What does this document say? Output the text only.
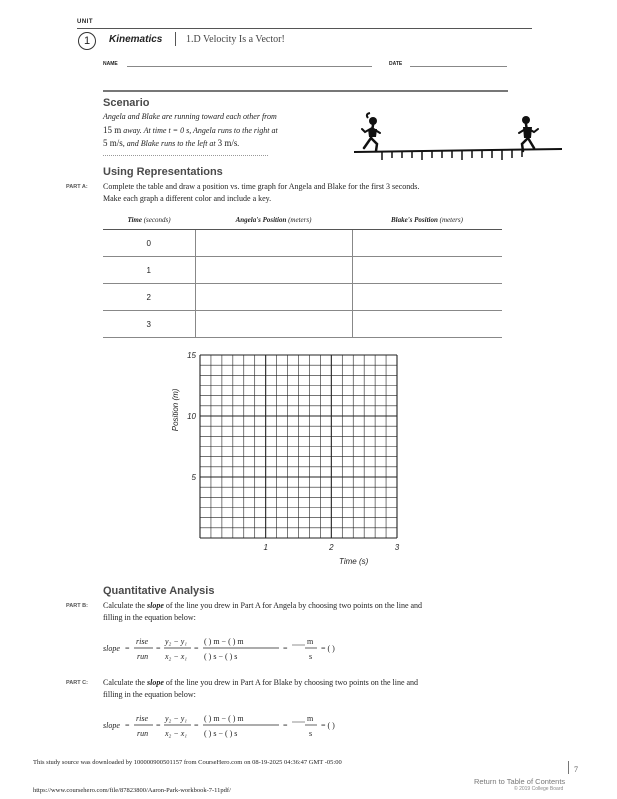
UNIT
1	Kinematics 1.D Velocity Is a Vector!
NAME	DATE
Scenario
Angela and Blake are running toward each other from
15 m away. At time t = 0 s, Angela runs to the right at
5 m/s, and Blake runs to the left at 3 m/s.
Using Representations
PART A: Complete the table and draw a position vs. time graph for Angela and Blake for the first 3 seconds.
Make each graph a different color and include a key.
Time (seconds)	Angela's Position (meters)	Blake's Position (meters)
0		
1		
2		
3		
1	2	3
5
10
15
Time (s)
Position (m)
Quantitative Analysis
PART B: Calculate the slope of the line you drew in Part A for Angela by choosing two points on the line and
filling in the equation below:
slope =
rise
run
=
y₂ − y₁
x₂ − x₁
=
( ) m − ( ) m
( ) s − ( ) s
=
m
s
= ( )
PART C: Calculate the slope of the line you drew in Part A for Blake by choosing two points on the line and
filling in the equation below:
slope =
rise
run
=
y₂ − y₁
x₂ − x₁
=
( ) m − ( ) m
( ) s − ( ) s
=
m
s
= ( )
This study source was downloaded by 100000900501157 from CourseHero.com on 08-19-2025 04:36:47 GMT -05:00
7
Return to Table of Contents
© 2019 College Board
https://www.coursehero.com/file/87823800/Aaron-Park-workbook-7-11pdf/
